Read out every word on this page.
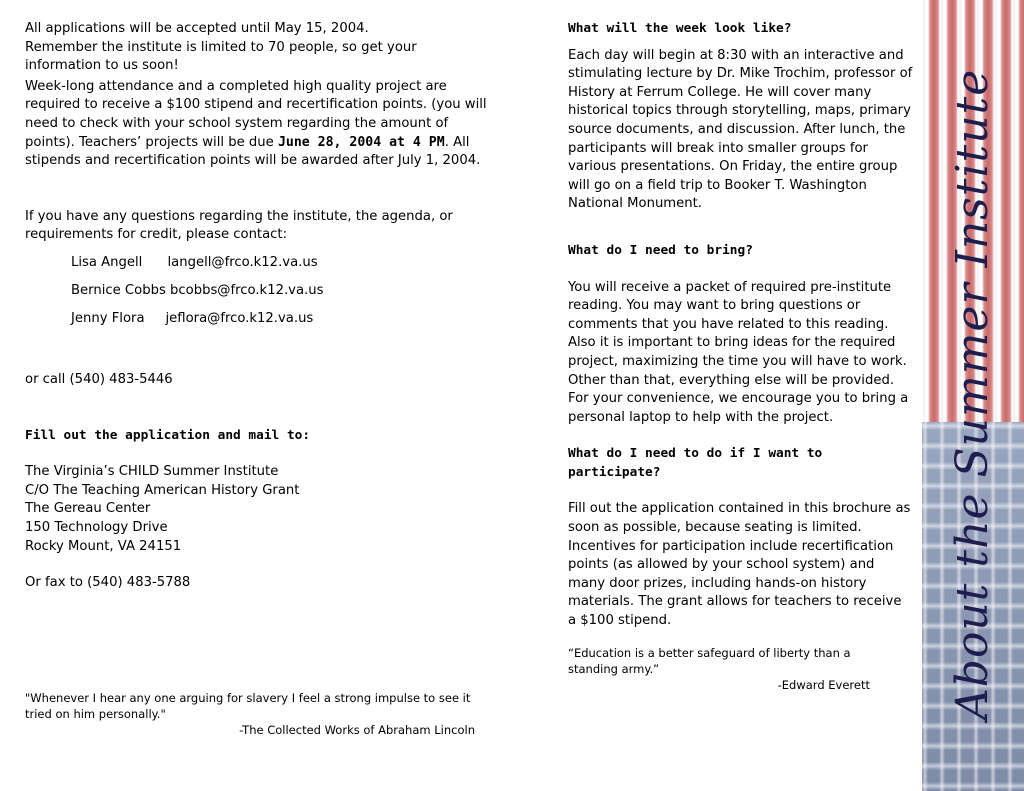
All applications will be accepted until May 15, 2004.

Remember the institute is limited to 70 people, so get your information to us soon!

Week-long attendance and a completed high quality project are required to receive a $100 stipend and recertification points. (you will need to check with your school system regarding the amount of points). Teachers’ projects will be due June 28, 2004 at 4 PM. All stipends and recertification points will be awarded after July 1, 2004.

If you have any questions regarding the institute, the agenda, or requirements for credit, please contact:

Lisa Angell      langell@frco.k12.va.us
Bernice Cobbs bcobbs@frco.k12.va.us
Jenny Flora     jeflora@frco.k12.va.us

or call (540) 483-5446

Fill out the application and mail to:

The Virginia’s CHILD Summer Institute

C/O The Teaching American History Grant

The Gereau Center

150 Technology Drive

Rocky Mount, VA 24151

Or fax to (540) 483-5788

"Whenever I hear any one arguing for slavery I feel a strong impulse to see it tried on him personally."

-The Collected Works of Abraham Lincoln

What will the week look like?

Each day will begin at 8:30 with an interactive and stimulating lecture by Dr. Mike Trochim, professor of History at Ferrum College. He will cover many historical topics through storytelling, maps, primary source documents, and discussion. After lunch, the participants will break into smaller groups for various presentations. On Friday, the entire group will go on a field trip to Booker T. Washington National Monument.

What do I need to bring?

You will receive a packet of required pre-institute reading. You may want to bring questions or comments that you have related to this reading. Also it is important to bring ideas for the required project, maximizing the time you will have to work. Other than that, everything else will be provided. For your convenience, we encourage you to bring a personal laptop to help with the project.

What do I need to do if I want to participate?

Fill out the application contained in this brochure as soon as possible, because seating is limited. Incentives for participation include recertification points (as allowed by your school system) and many door prizes, including hands-on history materials. The grant allows for teachers to receive a $100 stipend.

“Education is a better safeguard of liberty than a standing army.”

-Edward Everett About the Summer Institute
